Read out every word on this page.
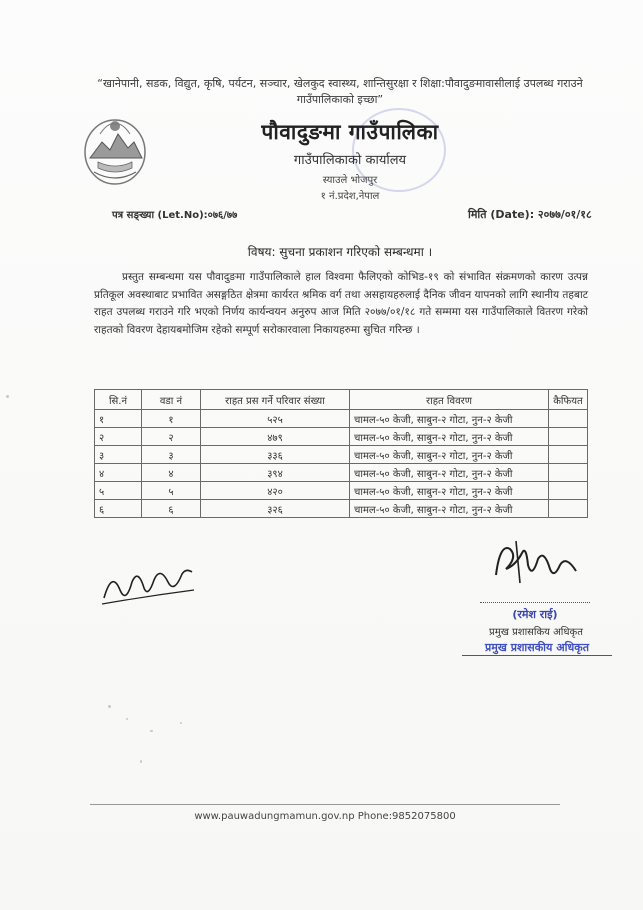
“खानेपानी, सडक, विद्युत, कृषि, पर्यटन, सञ्चार, खेलकुद स्वास्थ्य, शान्तिसुरक्षा र शिक्षा:पौवादुङमावासीलाई उपलब्ध गराउने गाउँपालिकाको इच्छा”
पौवादुङमा गाउँपालिका
गाउँपालिकाको कार्यालय
स्याउले भोजपुर
१ नं.प्रदेश,नेपाल
पत्र सङ्ख्या (Let.No):०७६/७७	मिति (Date): २०७७/०१/१८
विषय: सुचना प्रकाशन गरिएको सम्बन्धमा ।
प्रस्तुत सम्बन्धमा यस पौवादुङमा गाउँपालिकाले हाल विश्वमा फैलिएको कोभिड-१९ को संभावित संक्रमणको कारण उत्पन्न प्रतिकूल अवस्थाबाट प्रभावित असङ्गठित क्षेत्रमा कार्यरत श्रमिक वर्ग तथा असहायहरुलाई दैनिक जीवन यापनको लागि स्थानीय तहबाट राहत उपलब्ध गराउने गरि भएको निर्णय कार्यन्वयन अनुरुप आज मिति २०७७/०१/१८ गते सम्ममा यस गाउँपालिकाले वितरण गरेको राहतको विवरण देहायबमोजिम रहेको सम्पूर्ण सरोकारवाला निकायहरुमा सुचित गरिन्छ ।
सि.नं	वडा नं	राहत प्रस गर्ने परिवार संख्या	राहत विवरण	कैफियत
१	१	५२५	चामल-५० केजी, साबुन-२ गोटा, नुन-२ केजी	
२	२	४७९	चामल-५० केजी, साबुन-२ गोटा, नुन-२ केजी	
३	३	३३६	चामल-५० केजी, साबुन-२ गोटा, नुन-२ केजी	
४	४	३९४	चामल-५० केजी, साबुन-२ गोटा, नुन-२ केजी	
५	५	४२०	चामल-५० केजी, साबुन-२ गोटा, नुन-२ केजी	
६	६	३२६	चामल-५० केजी, साबुन-२ गोटा, नुन-२ केजी	
(रमेश राई)
प्रमुख प्रशासकिय अधिकृत
प्रमुख प्रशासकीय अधिकृत
www.pauwadungmamun.gov.np Phone:9852075800
